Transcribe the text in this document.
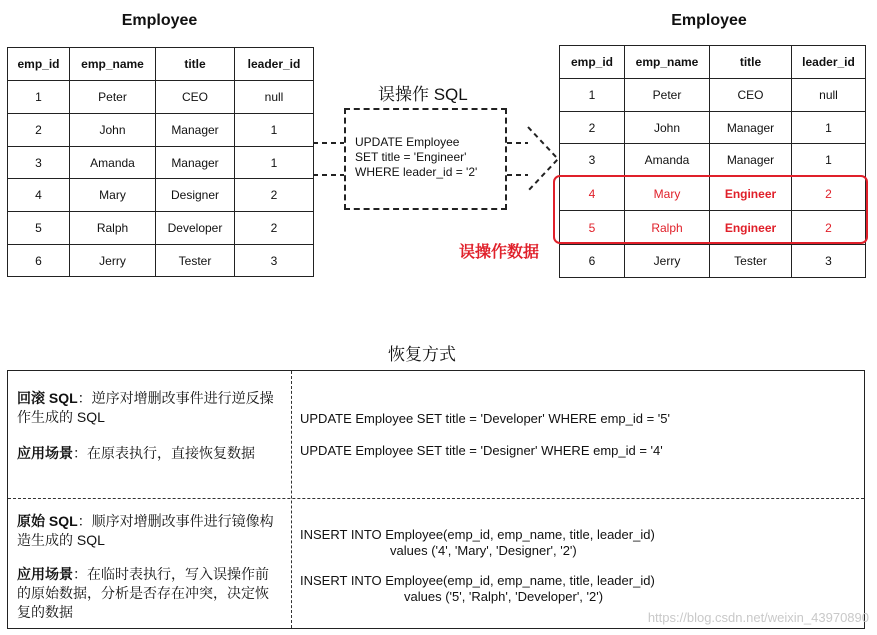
Employee
emp_id	emp_name	title	leader_id
1	Peter	CEO	null
2	John	Manager	1
3	Amanda	Manager	1
4	Mary	Designer	2
5	Ralph	Developer	2
6	Jerry	Tester	3
误操作 SQL
UPDATE Employee
SET title = 'Engineer'
WHERE leader_id = '2'
误操作数据
Employee
emp_id	emp_name	title	leader_id
1	Peter	CEO	null
2	John	Manager	1
3	Amanda	Manager	1
4	Mary	Engineer	2
5	Ralph	Engineer	2
6	Jerry	Tester	3
恢复方式
回滚 SQL：逆序对增删改事件进行逆反操作生成的 SQL
应用场景：在原表执行，直接恢复数据
UPDATE Employee SET title = 'Developer' WHERE emp_id = '5'
UPDATE Employee SET title = 'Designer' WHERE emp_id = '4'
原始 SQL：顺序对增删改事件进行镜像构造生成的 SQL
应用场景：在临时表执行，写入误操作前的原始数据，分析是否存在冲突，决定恢复的数据
INSERT INTO Employee(emp_id, emp_name, title, leader_id)
values ('4', 'Mary', 'Designer', '2')
INSERT INTO Employee(emp_id, emp_name, title, leader_id)
values ('5', 'Ralph', 'Developer', '2')
https://blog.csdn.net/weixin_43970890
